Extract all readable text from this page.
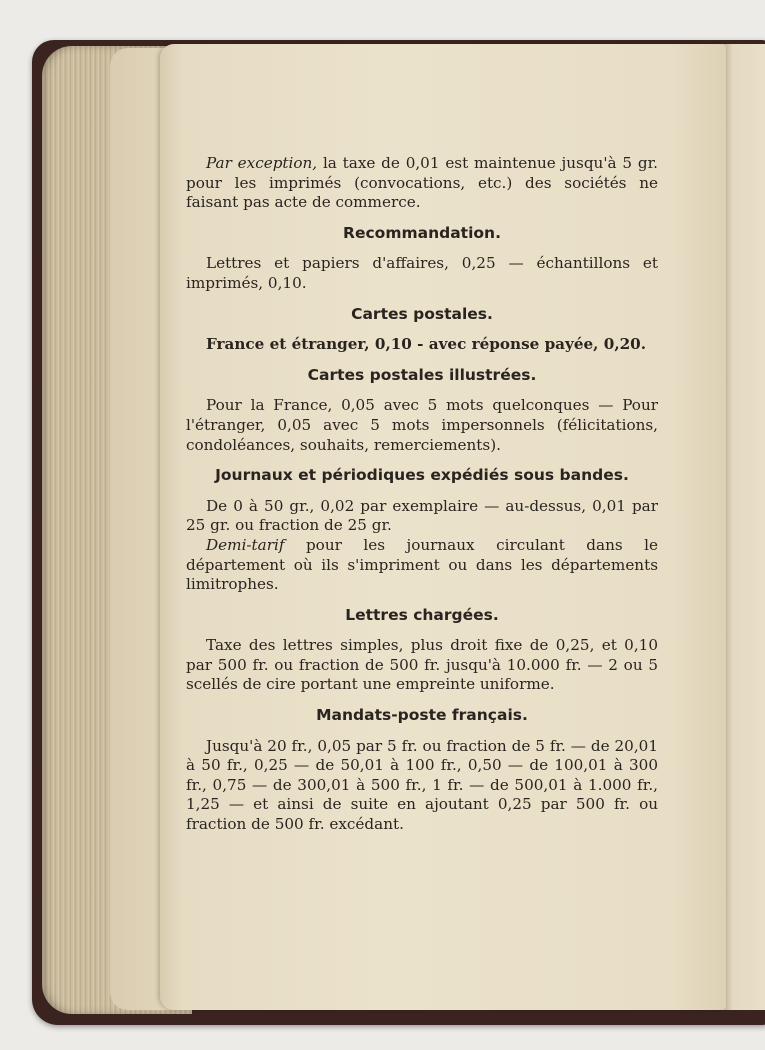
Par exception, la taxe de 0,01 est maintenue jusqu'à 5 gr. pour les imprimés (convocations, etc.) des sociétés ne faisant pas acte de commerce.

Recommandation.

Lettres et papiers d'affaires, 0,25 — échantillons et imprimés, 0,10.

Cartes postales.

France et étranger, 0,10 - avec réponse payée, 0,20.

Cartes postales illustrées.

Pour la France, 0,05 avec 5 mots quelconques — Pour l'étranger, 0,05 avec 5 mots impersonnels (félicitations, condoléances, souhaits, remerciements).

Journaux et périodiques expédiés sous bandes.

De 0 à 50 gr., 0,02 par exemplaire — au-dessus, 0,01 par 25 gr. ou fraction de 25 gr.

Demi-tarif pour les journaux circulant dans le département où ils s'impriment ou dans les départements limitrophes.

Lettres chargées.

Taxe des lettres simples, plus droit fixe de 0,25, et 0,10 par 500 fr. ou fraction de 500 fr. jusqu'à 10.000 fr. — 2 ou 5 scellés de cire portant une empreinte uniforme.

Mandats-poste français.

Jusqu'à 20 fr., 0,05 par 5 fr. ou fraction de 5 fr. — de 20,01 à 50 fr., 0,25 — de 50,01 à 100 fr., 0,50 — de 100,01 à 300 fr., 0,75 — de 300,01 à 500 fr., 1 fr. — de 500,01 à 1.000 fr., 1,25 — et ainsi de suite en ajoutant 0,25 par 500 fr. ou fraction de 500 fr. excédant.
